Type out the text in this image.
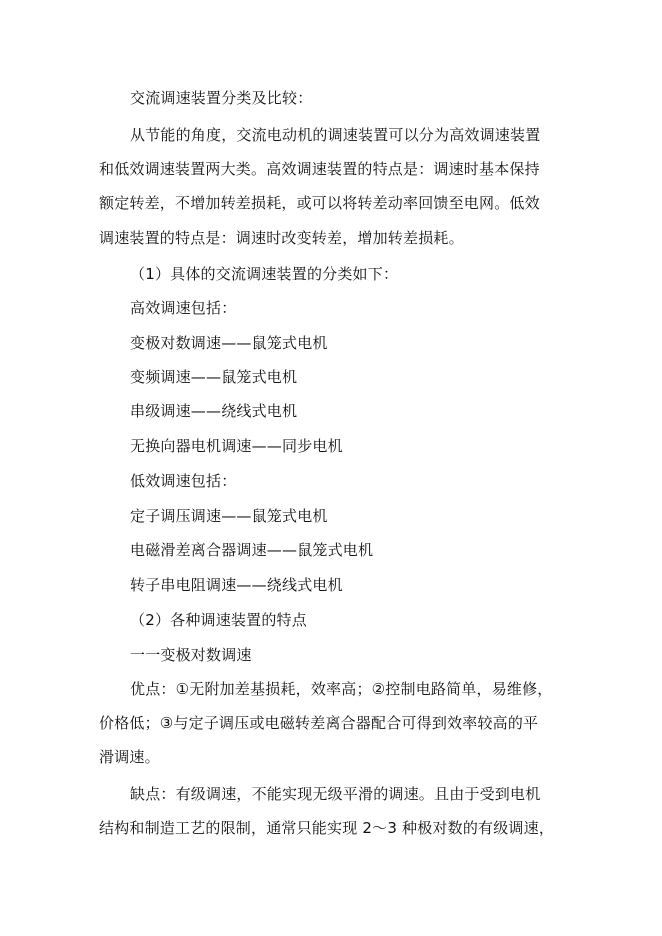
交流调速装置分类及比较：
从节能的角度，交流电动机的调速装置可以分为高效调速装置
和低效调速装置两大类。高效调速装置的特点是：调速时基本保持
额定转差，不增加转差损耗，或可以将转差动率回馈至电网。低效
调速装置的特点是：调速时改变转差，增加转差损耗。
（1）具体的交流调速装置的分类如下：
高效调速包括：
变极对数调速——鼠笼式电机
变频调速——鼠笼式电机
串级调速——绕线式电机
无换向器电机调速——同步电机
低效调速包括：
定子调压调速——鼠笼式电机
电磁滑差离合器调速——鼠笼式电机
转子串电阻调速——绕线式电机
（2）各种调速装置的特点
一一变极对数调速
优点：①无附加差基损耗，效率高；②控制电路简单，易维修，
价格低；③与定子调压或电磁转差离合器配合可得到效率较高的平
滑调速。
缺点：有级调速，不能实现无级平滑的调速。且由于受到电机
结构和制造工艺的限制，通常只能实现 2～3 种极对数的有级调速，
